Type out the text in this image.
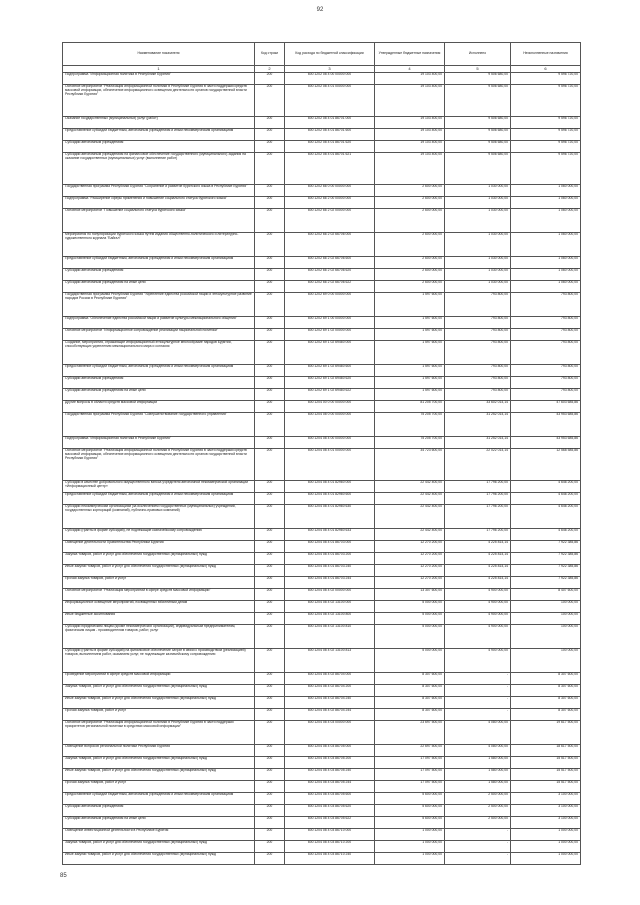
92
Наименование показателя	Код строки	Код расхода по бюджетной классификации	Утвержденные бюджетные назначения	Исполнено	Неисполненные назначения
1	2	3	4	5	6
Подпрограмма "Информационная политика в Республике Бурятия"	200	600 1202 08 4 00 00000 000	19 103 400,00	9 506 680,00	9 596 720,00
Основное мероприятие "Реализация информационной политики в Республике Бурятия в части поддержки средств массовой информации, обеспечение информационного освещения деятельности органов государственной власти Республики Бурятия"	200	600 1202 08 4 01 00000 000	19 103 400,00	9 506 680,00	9 596 720,00
Оказание государственных (муниципальных) услуг (работ)	200	600 1202 08 4 01 86701 000	19 103 400,00	9 506 680,00	9 596 720,00
Предоставление субсидий бюджетным, автономным учреждениям и иным некоммерческим организациям	200	600 1202 08 4 01 86701 600	19 103 400,00	9 506 680,00	9 596 720,00
Субсидии автономным учреждениям	200	600 1202 08 4 01 86701 620	19 103 400,00	9 506 680,00	9 596 720,00
Субсидии автономным учреждениям на финансовое обеспечение государственного (муниципального) задания на оказание государственных (муниципальных) услуг (выполнение работ)	200	600 1202 08 4 01 86701 621	19 103 400,00	9 506 680,00	9 596 720,00
Государственная программа Республики Бурятия "Сохранение и развитие бурятского языка в Республике Бурятия"	200	600 1202 66 0 00 00000 000	2 600 000,00	1 030 000,00	1 060 000,00
Подпрограмма "Расширение сферы применения и повышение социального статуса бурятского языка"	200	600 1202 66 2 00 00000 000	2 600 000,00	1 030 000,00	1 060 000,00
Основное мероприятие "Повышение социального статуса бурятского языка"	200	600 1202 66 2 02 00000 000	2 600 000,00	1 030 000,00	1 060 000,00
Мероприятия по популяризации бурятского языка путем издания общественно-политического и литературно-художественного журнала "Байгал"	200	600 1202 66 2 02 66706 000	2 600 000,00	1 030 000,00	1 060 000,00
Предоставление субсидий бюджетным, автономным учреждениям и иным некоммерческим организациям	200	600 1202 66 2 02 66706 600	2 600 000,00	1 030 000,00	1 060 000,00
Субсидии автономным учреждениям	200	600 1202 66 2 02 66706 620	2 600 000,00	1 030 000,00	1 060 000,00
Субсидии автономным учреждениям на иные цели	200	600 1202 66 2 02 66706 622	2 600 000,00	1 030 000,00	1 060 000,00
Государственная программа Республики Бурятия "Укрепление единства российской нации и этнокультурное развитие народов России в Республике Бурятия"	200	600 1202 69 0 00 00000 000	1 597 600,00	793 800,00	793 800,00
Подпрограмма "Обеспечение единства российской нации и развитие культуры межнационального общения"	200	600 1202 69 1 00 00000 000	1 597 600,00	793 800,00	793 800,00
Основное мероприятие "Информационное сопровождение реализации национальной политики"	200	600 1202 69 1 02 00000 000	1 597 600,00	793 800,00	793 800,00
Создание, мероприятия, отражающие информационный этнокультурное многообразие народов Бурятии, способствующих укреплению межнационального мира и согласия	200	600 1202 69 1 02 69460 000	1 597 600,00	793 800,00	793 800,00
Предоставление субсидий бюджетным, автономным учреждениям и иным некоммерческим организациям	200	600 1202 69 1 02 69460 600	1 597 600,00	793 800,00	793 800,00
Субсидии автономным учреждениям	200	600 1202 69 1 02 69460 620	1 597 600,00	793 800,00	793 800,00
Субсидии автономным учреждениям на иные цели	200	600 1202 69 1 02 69460 622	1 597 600,00	793 800,00	793 800,00
Другие вопросы в области средств массовой информации	200	600 1204 00 0 00 00000 000	81 205 700,00	33 602 014,14	47 603 685,86
Государственная программа Республики Бурятия "Совершенствование государственного управления"	200	600 1204 08 0 00 00000 000	75 205 700,00	31 252 014,14	43 953 685,86
Подпрограмма "Информационная политика в Республике Бурятия"	200	600 1204 08 4 00 00000 000	75 205 700,00	31 252 014,14	43 953 685,86
Основное мероприятие "Реализация информационной политики в Республике Бурятия в части поддержки средств массовой информации, обеспечение информационного освещения деятельности органов государственной власти Республики Бурятия"	200	600 1204 08 4 01 00000 000	34 723 600,00	22 022 014,14	12 568 585,86
Субсидии в качестве добровольного имущественного взноса учредителя автономной некоммерческой организации «Информационный центр»	200	600 1204 08 4 01 82960 000	22 442 400,00	17 796 200,00	4 646 200,00
Предоставление субсидий бюджетным, автономным учреждениям и иным некоммерческим организациям	200	600 1204 08 4 01 82960 600	22 442 400,00	17 796 200,00	4 646 200,00
Субсидии некоммерческим организациям (за исключением государственных (муниципальных) учреждений, государственных корпораций (компаний), публично-правовых компаний)	200	600 1204 08 4 01 82960 630	22 442 400,00	17 796 200,00	4 646 200,00
Субсидии (гранты в форме субсидий), не подлежащие казначейскому сопровождению	200	600 1204 08 4 01 82960 633	22 442 400,00	17 796 200,00	4 646 200,00
Освещение деятельности Правительства Республики Бурятия	200	600 1204 08 4 01 86703 000	12 270 200,00	4 225 814,14	7 922 385,86
Закупка товаров, работ и услуг для обеспечения государственных (муниципальных) нужд	200	600 1204 08 4 01 86703 200	12 270 200,00	4 225 814,14	7 922 385,86
Иные закупки товаров, работ и услуг для обеспечения государственных (муниципальных) нужд	200	600 1204 08 4 01 86703 240	12 270 200,00	4 225 814,14	7 922 385,86
Прочая закупка товаров, работ и услуг	200	600 1204 08 4 01 86703 244	12 270 200,00	4 225 814,14	7 922 385,86
Основное мероприятие "Реализация мероприятий в сфере средств массовой информации"	200	600 1204 08 4 02 00000 000	13 307 600,00	4 900 000,00	8 407 600,00
Информационное освещение мероприятий, посвященных юбилейным датам	200	600 1204 08 4 02 13100 000	5 000 000,00	4 900 000,00	100 000,00
Иные бюджетные ассигнования	200	600 1204 08 4 02 13100 800	5 000 000,00	4 900 000,00	100 000,00
Субсидии юридическим лицам (кроме некоммерческих организаций), индивидуальным предпринимателям, физическим лицам - производителям товаров, работ, услуг	200	600 1204 08 4 02 13100 810	5 000 000,00	4 900 000,00	100 000,00
Субсидии (гранты в форме субсидий) на финансовое обеспечение затрат в связи с производством (реализацией) товаров, выполнением работ, оказанием услуг, не подлежащие казначейскому сопровождению	200	600 1204 08 4 02 13100 813	5 000 000,00	4 900 000,00	100 000,00
Проведение мероприятий в сфере средств массовой информации	200	600 1204 08 4 02 86704 000	8 307 600,00	-	8 307 600,00
Закупка товаров, работ и услуг для обеспечения государственных (муниципальных) нужд	200	600 1204 08 4 02 86704 200	8 307 600,00	-	8 307 600,00
Иные закупки товаров, работ и услуг для обеспечения государственных (муниципальных) нужд	200	600 1204 08 4 02 86704 240	8 307 600,00	-	8 307 600,00
Прочая закупка товаров, работ и услуг	200	600 1204 08 4 02 86704 244	8 307 600,00	-	8 307 600,00
Основное мероприятие "Реализация информационной политики в Республике Бурятия в части поддержки приоритетов региональной политики в средствах массовой информации"	200	600 1204 08 4 03 00000 000	23 697 500,00	4 080 000,00	19 617 500,00
Освещение вопросов региональной политики Республики Бурятия	200	600 1204 08 4 03 86705 000	22 697 500,00	4 080 000,00	18 617 500,00
Закупка товаров, работ и услуг для обеспечения государственных (муниципальных) нужд	200	600 1204 08 4 03 86705 200	17 097 500,00	1 580 000,00	15 517 500,00
Иные закупки товаров, работ и услуг для обеспечения государственных (муниципальных) нужд	200	600 1204 08 4 03 86705 240	17 097 500,00	1 580 000,00	15 517 500,00
Прочая закупка товаров, работ и услуг	200	600 1204 08 4 03 86705 244	17 097 500,00	1 580 000,00	15 517 500,00
Предоставление субсидий бюджетным, автономным учреждениям и иным некоммерческим организациям	200	600 1204 08 4 03 86705 600	5 600 000,00	2 500 000,00	3 100 000,00
Субсидии автономным учреждениям	200	600 1204 08 4 03 86705 620	5 600 000,00	2 500 000,00	3 100 000,00
Субсидии автономным учреждениям на иные цели	200	600 1204 08 4 03 86705 622	5 600 000,00	2 500 000,00	3 100 000,00
Освещение инвестиционной деятельности в Республике Бурятия	200	600 1204 08 4 03 86710 000	1 000 000,00	-	1 000 000,00
Закупка товаров, работ и услуг для обеспечения государственных (муниципальных) нужд	200	600 1204 08 4 03 86710 200	1 000 000,00	-	1 000 000,00
Иные закупки товаров, работ и услуг для обеспечения государственных (муниципальных) нужд	200	600 1204 08 4 03 86710 240	1 000 000,00	-	1 000 000,00
85
